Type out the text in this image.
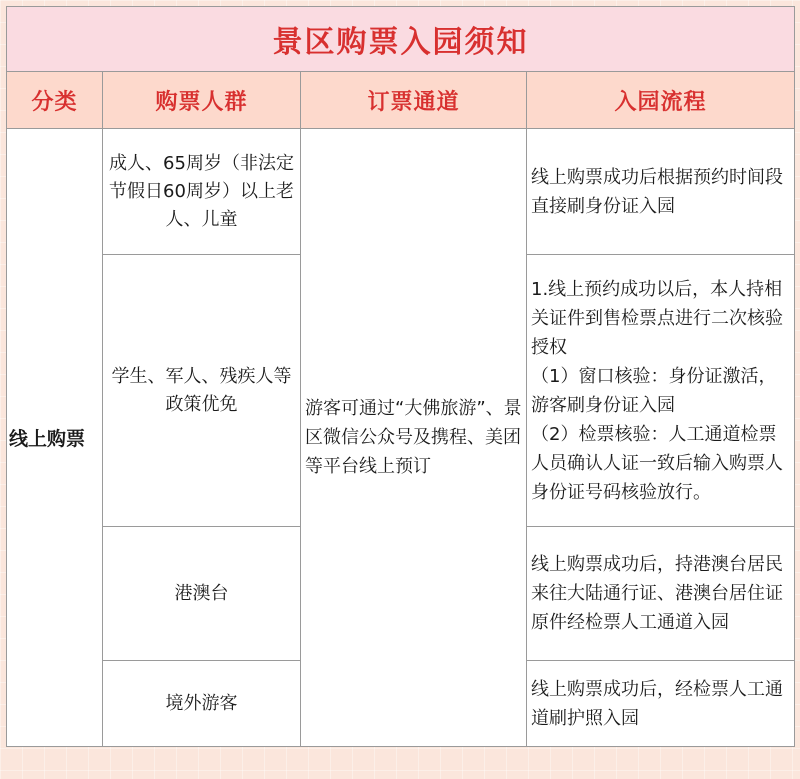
景区购票入园须知			
分类	购票人群	订票通道	入园流程
线上购票	成人、65周岁（非法定节假日60周岁）以上老人、儿童	游客可通过“大佛旅游”、景区微信公众号及携程、美团等平台线上预订	线上购票成功后根据预约时间段直接刷身份证入园

	学生、军人、残疾人等政策优免		1.线上预约成功以后，本人持相关证件到售检票点进行二次核验授权

（1）窗口核验：身份证激活，游客刷身份证入园

（2）检票核验：人工通道检票人员确认人证一致后输入购票人身份证号码核验放行。

	港澳台		线上购票成功后，持港澳台居民来往大陆通行证、港澳台居住证原件经检票人工通道入园

	境外游客		线上购票成功后，经检票人工通道刷护照入园
